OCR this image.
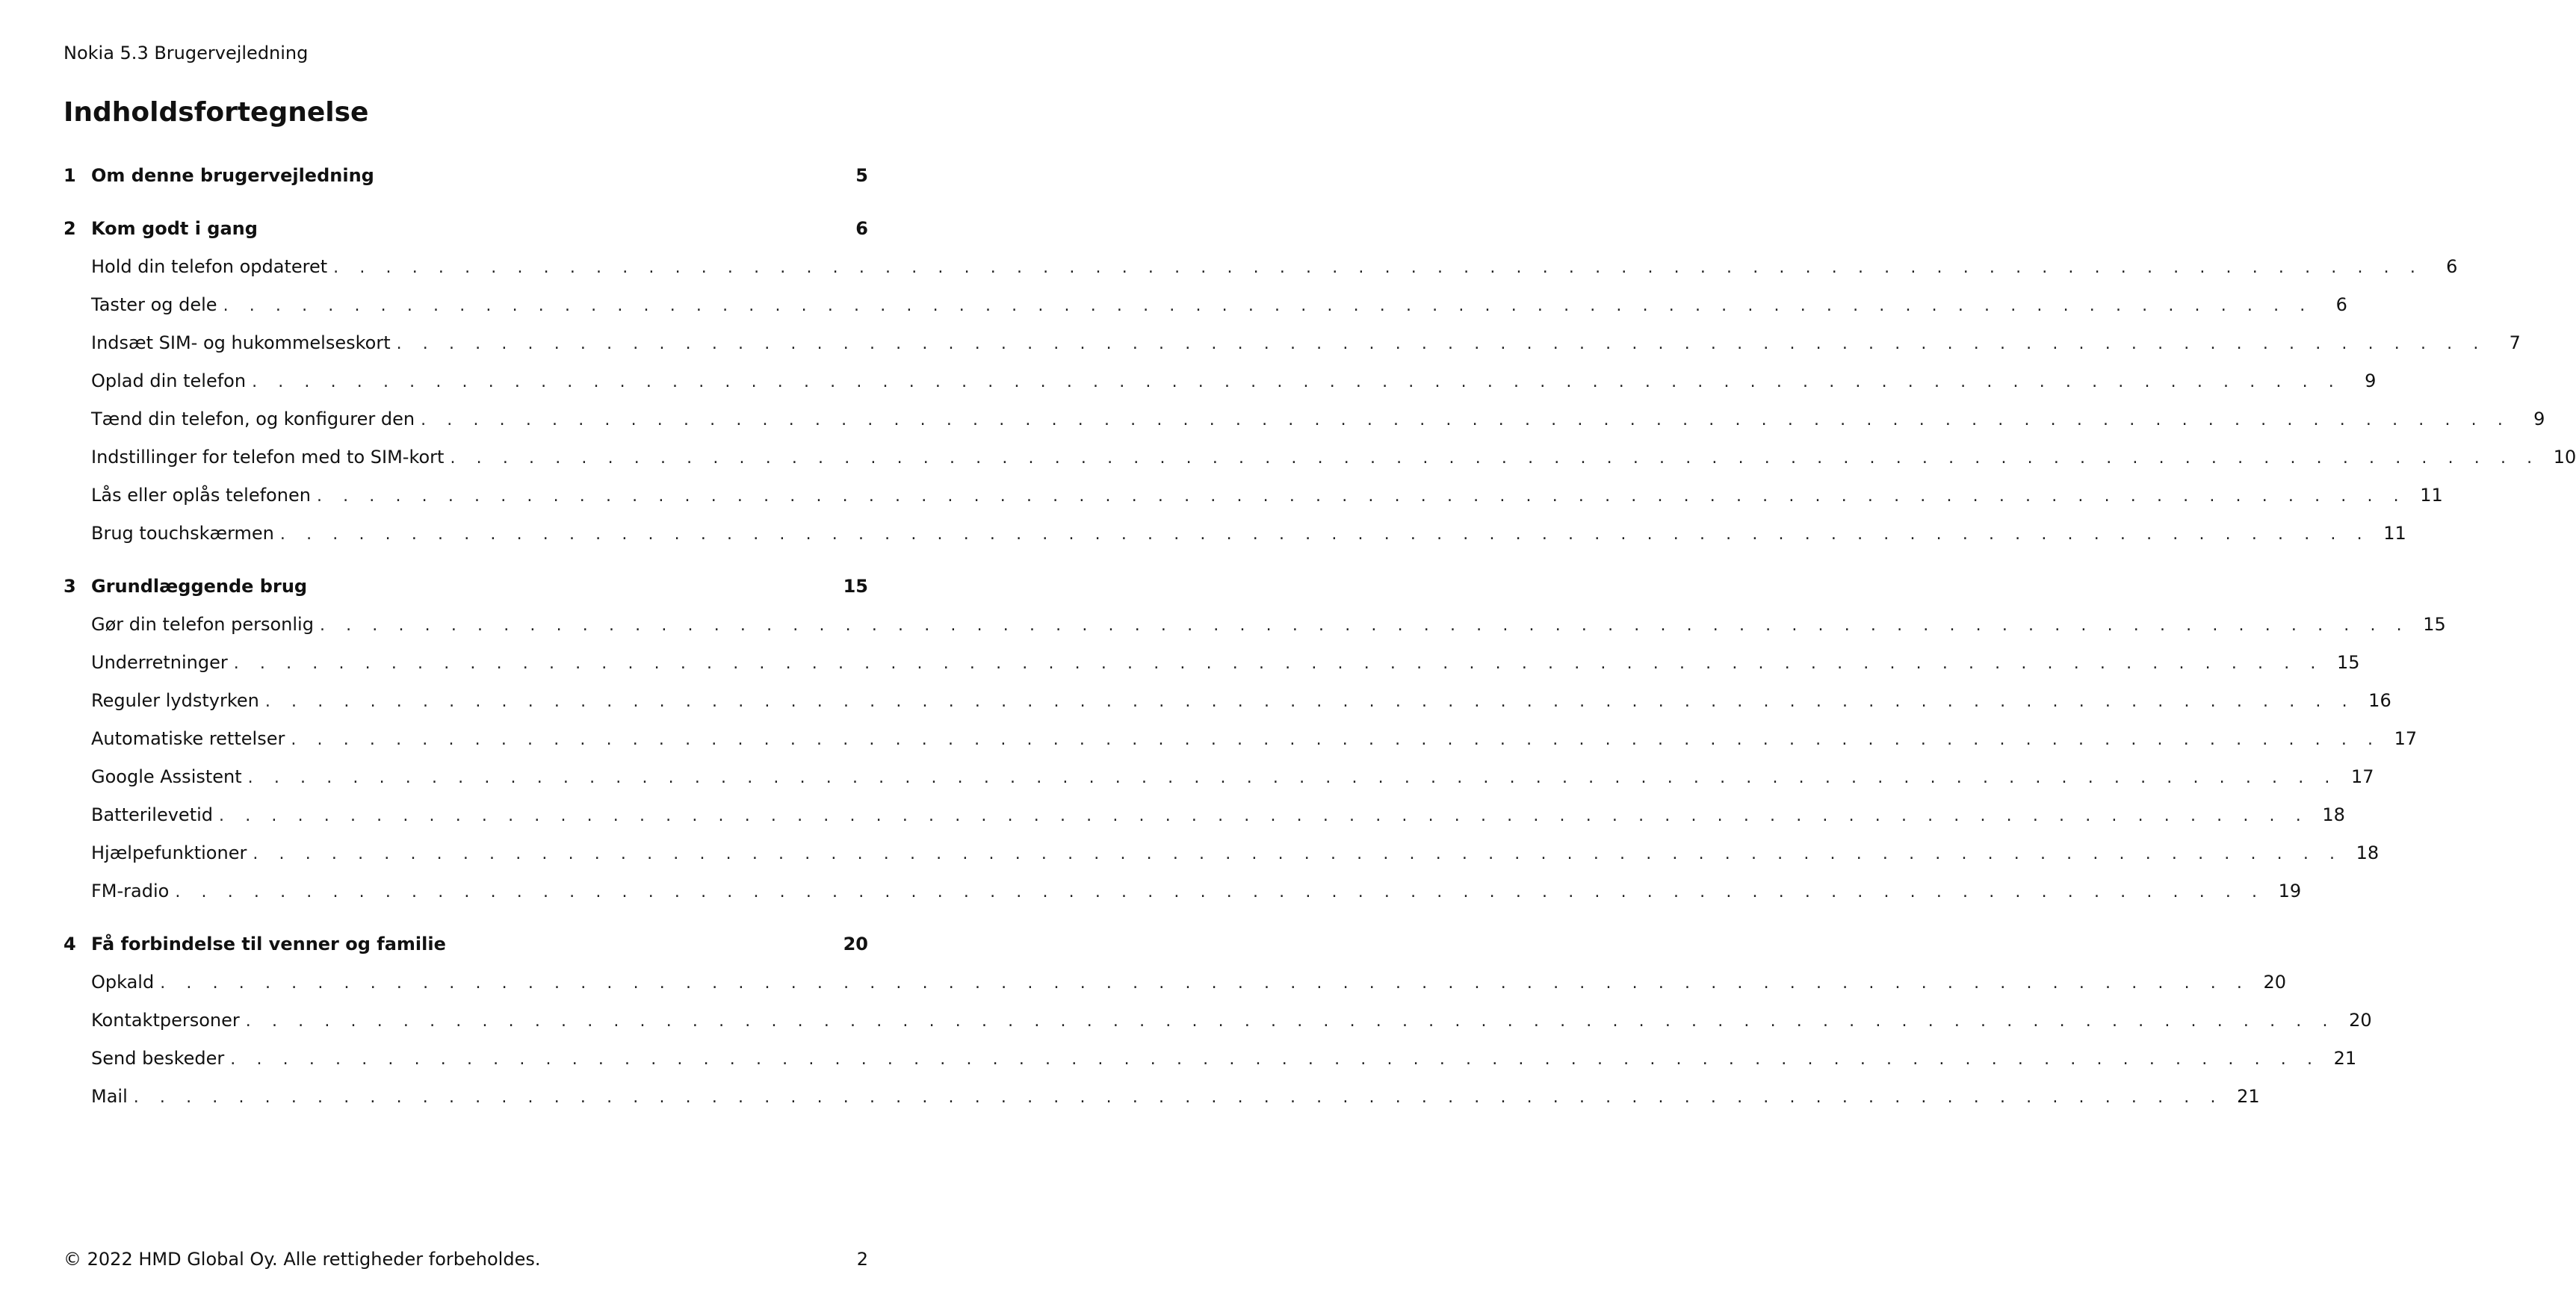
Nokia 5.3 Brugervejledning
Indholdsfortegnelse
1 Om denne brugervejledning	5
2 Kom godt i gang	6
Hold din telefon opdateret . . . . . . . . . . . . . . . . . . . . . . . . . . . . . . . . . . . . . . . . . . . . . . . . . . . . . . . . . . . . . . . . . . . . . . . . . . . . . . . .	6
Taster og dele . . . . . . . . . . . . . . . . . . . . . . . . . . . . . . . . . . . . . . . . . . . . . . . . . . . . . . . . . . . . . . . . . . . . . . . . . . . . . . . .	6
Indsæt SIM- og hukommelseskort . . . . . . . . . . . . . . . . . . . . . . . . . . . . . . . . . . . . . . . . . . . . . . . . . . . . . . . . . . . . . . . . . . . . . . . . . . . . . . . .	7
Oplad din telefon . . . . . . . . . . . . . . . . . . . . . . . . . . . . . . . . . . . . . . . . . . . . . . . . . . . . . . . . . . . . . . . . . . . . . . . . . . . . . . . .	9
Tænd din telefon, og konfigurer den . . . . . . . . . . . . . . . . . . . . . . . . . . . . . . . . . . . . . . . . . . . . . . . . . . . . . . . . . . . . . . . . . . . . . . . . . . . . . . . .	9
Indstillinger for telefon med to SIM-kort . . . . . . . . . . . . . . . . . . . . . . . . . . . . . . . . . . . . . . . . . . . . . . . . . . . . . . . . . . . . . . . . . . . . . . . . . . . . . . . . 10
Lås eller oplås telefonen . . . . . . . . . . . . . . . . . . . . . . . . . . . . . . . . . . . . . . . . . . . . . . . . . . . . . . . . . . . . . . . . . . . . . . . . . . . . . . . . 11
Brug touchskærmen . . . . . . . . . . . . . . . . . . . . . . . . . . . . . . . . . . . . . . . . . . . . . . . . . . . . . . . . . . . . . . . . . . . . . . . . . . . . . . . . 11
3 Grundlæggende brug	15
Gør din telefon personlig . . . . . . . . . . . . . . . . . . . . . . . . . . . . . . . . . . . . . . . . . . . . . . . . . . . . . . . . . . . . . . . . . . . . . . . . . . . . . . . . 15
Underretninger . . . . . . . . . . . . . . . . . . . . . . . . . . . . . . . . . . . . . . . . . . . . . . . . . . . . . . . . . . . . . . . . . . . . . . . . . . . . . . . . 15
Reguler lydstyrken . . . . . . . . . . . . . . . . . . . . . . . . . . . . . . . . . . . . . . . . . . . . . . . . . . . . . . . . . . . . . . . . . . . . . . . . . . . . . . . . 16
Automatiske rettelser . . . . . . . . . . . . . . . . . . . . . . . . . . . . . . . . . . . . . . . . . . . . . . . . . . . . . . . . . . . . . . . . . . . . . . . . . . . . . . . . 17
Google Assistent . . . . . . . . . . . . . . . . . . . . . . . . . . . . . . . . . . . . . . . . . . . . . . . . . . . . . . . . . . . . . . . . . . . . . . . . . . . . . . . . 17
Batterilevetid . . . . . . . . . . . . . . . . . . . . . . . . . . . . . . . . . . . . . . . . . . . . . . . . . . . . . . . . . . . . . . . . . . . . . . . . . . . . . . . . 18
Hjælpefunktioner . . . . . . . . . . . . . . . . . . . . . . . . . . . . . . . . . . . . . . . . . . . . . . . . . . . . . . . . . . . . . . . . . . . . . . . . . . . . . . . . 18
FM-radio . . . . . . . . . . . . . . . . . . . . . . . . . . . . . . . . . . . . . . . . . . . . . . . . . . . . . . . . . . . . . . . . . . . . . . . . . . . . . . . . 19
4 Få forbindelse til venner og familie	20
Opkald . . . . . . . . . . . . . . . . . . . . . . . . . . . . . . . . . . . . . . . . . . . . . . . . . . . . . . . . . . . . . . . . . . . . . . . . . . . . . . . . 20
Kontaktpersoner . . . . . . . . . . . . . . . . . . . . . . . . . . . . . . . . . . . . . . . . . . . . . . . . . . . . . . . . . . . . . . . . . . . . . . . . . . . . . . . . 20
Send beskeder . . . . . . . . . . . . . . . . . . . . . . . . . . . . . . . . . . . . . . . . . . . . . . . . . . . . . . . . . . . . . . . . . . . . . . . . . . . . . . . . 21
Mail . . . . . . . . . . . . . . . . . . . . . . . . . . . . . . . . . . . . . . . . . . . . . . . . . . . . . . . . . . . . . . . . . . . . . . . . . . . . . . . . 21
© 2022 HMD Global Oy. Alle rettigheder forbeholdes.	2
